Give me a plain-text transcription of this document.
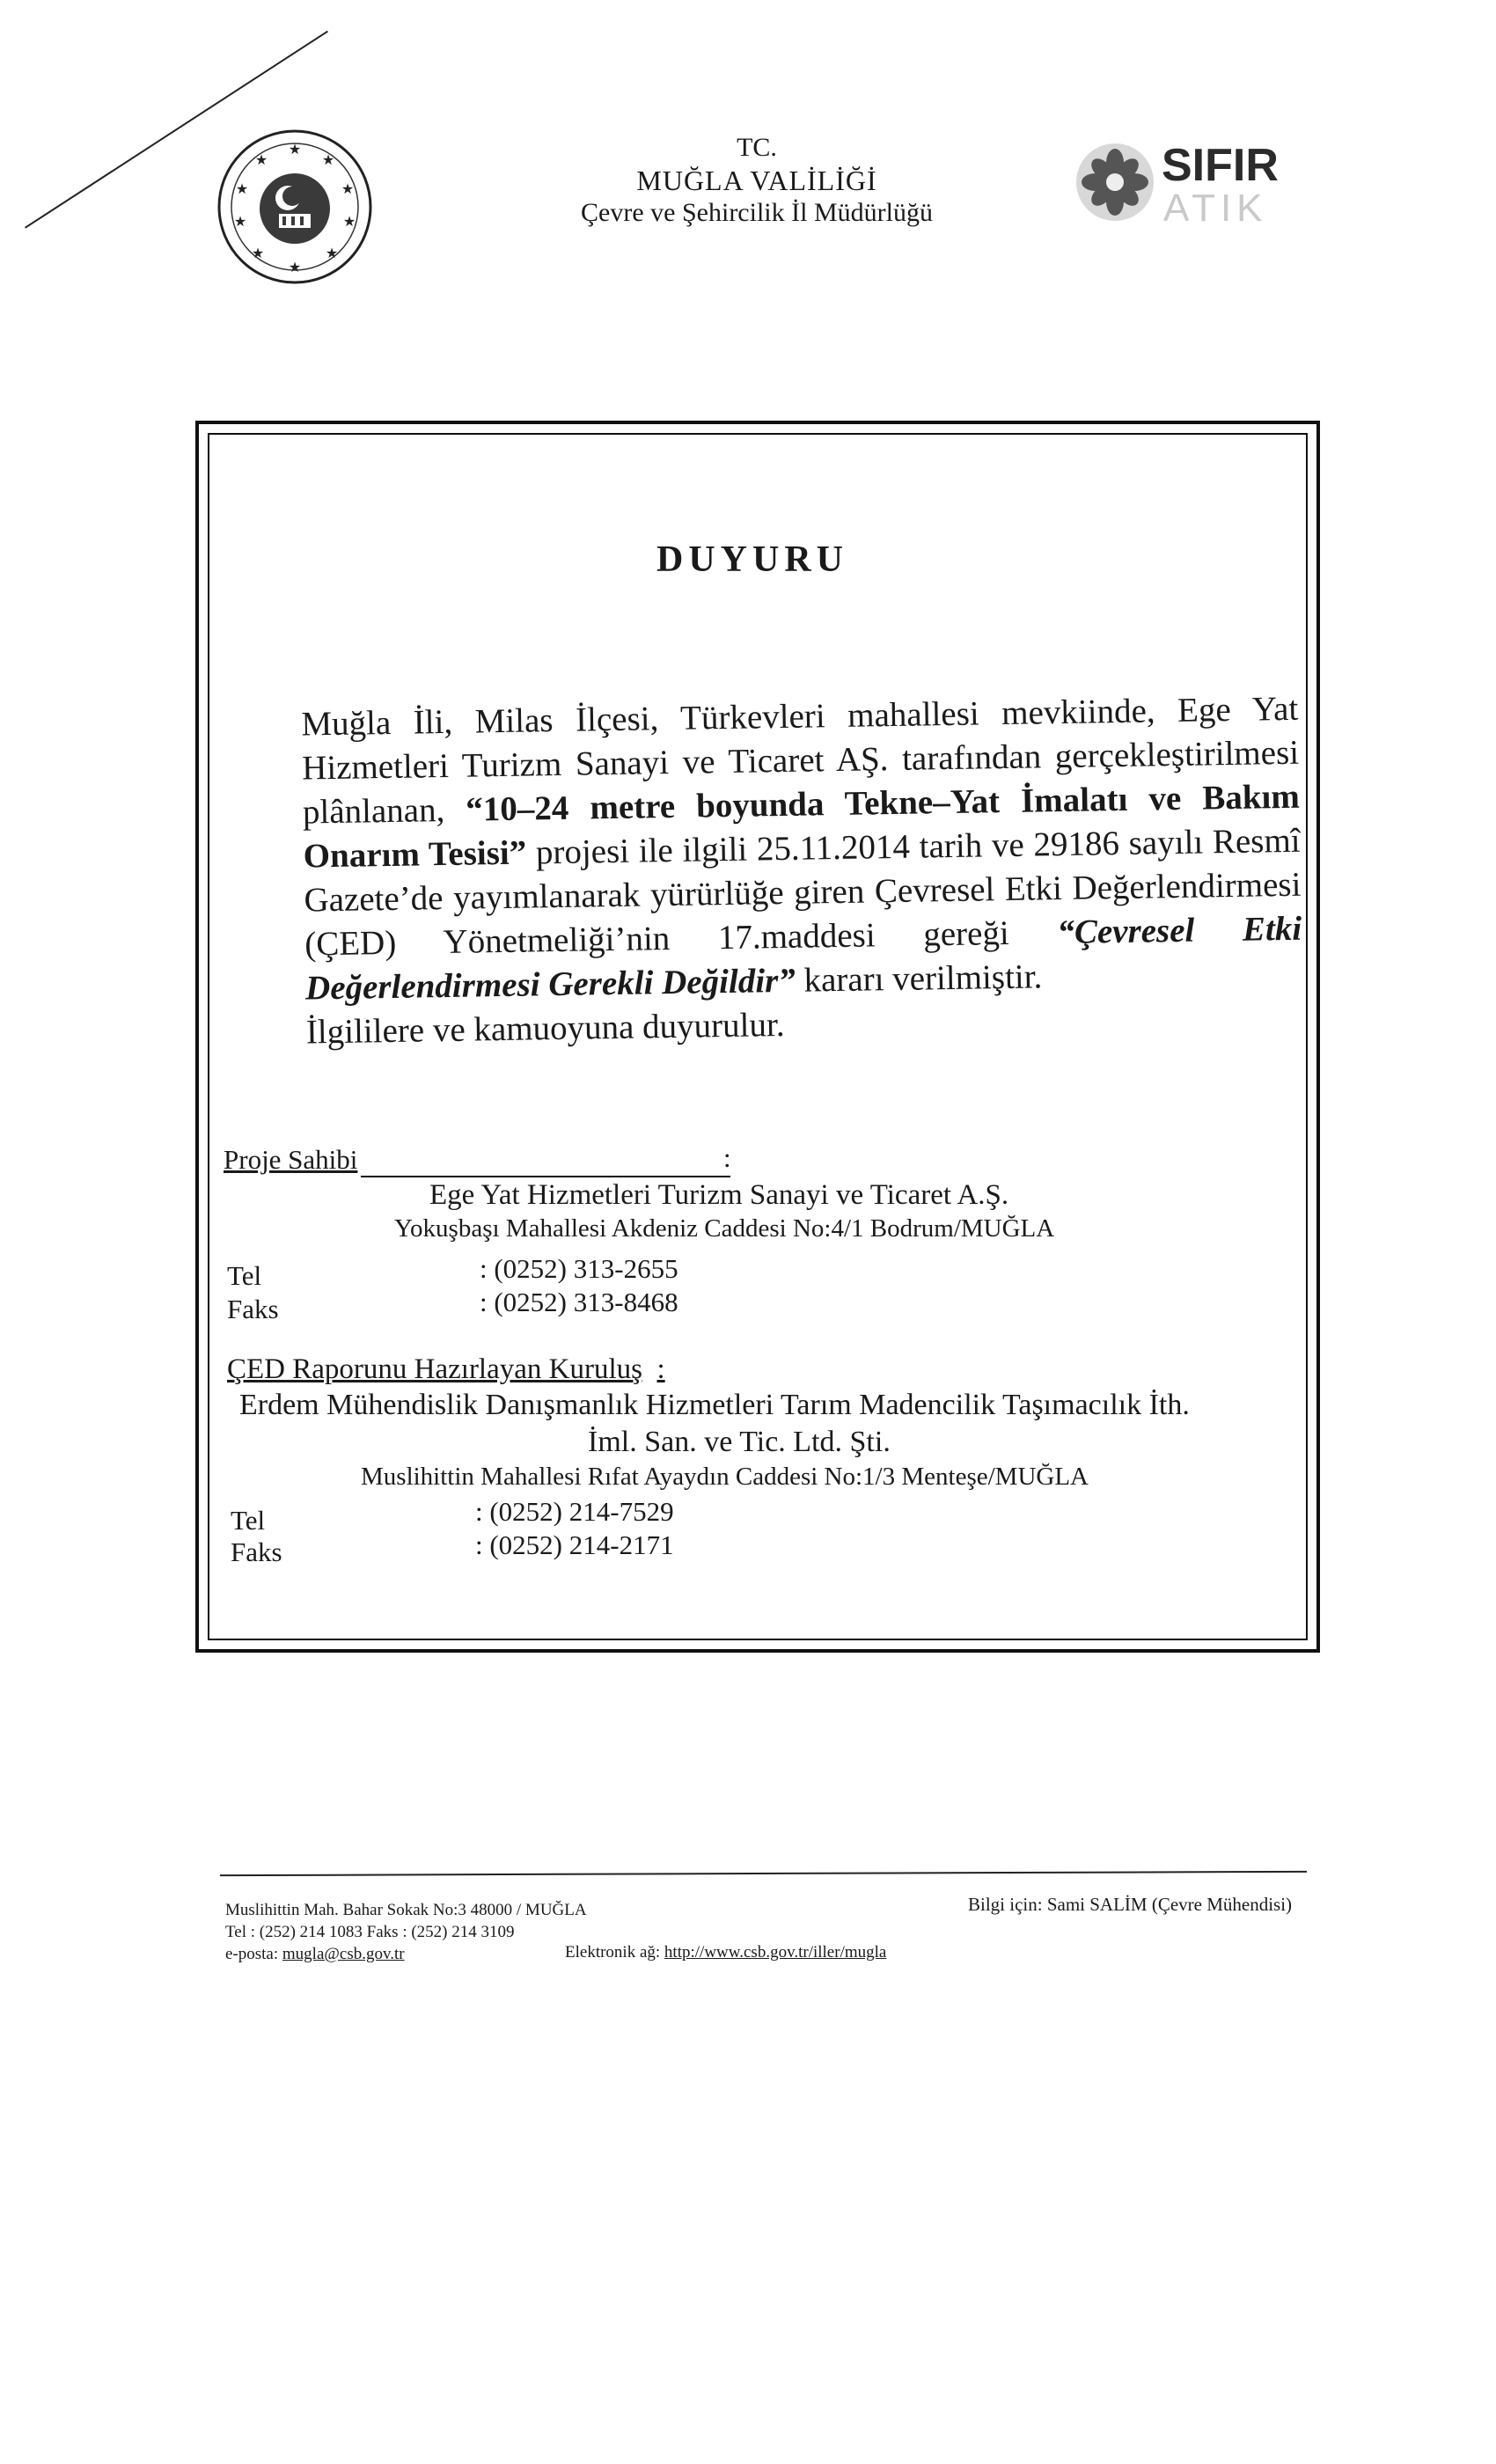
★
★
★
★
★
★
★
★
★
★	TC.
MUĞLA VALİLİĞİ
Çevre ve Şehircilik İl Müdürlüğü
SIFIR
ATIK
DUYURU

Muğla İli, Milas İlçesi, Türkevleri mahallesi mevkiinde, Ege Yat Hizmetleri Turizm Sanayi ve Ticaret AŞ. tarafından gerçekleştirilmesi plânlanan, “10–24 metre boyunda Tekne–Yat İmalatı ve Bakım Onarım Tesisi” projesi ile ilgili 25.11.2014 tarih ve 29186 sayılı Resmî Gazete’de yayımlanarak yürürlüğe giren Çevresel Etki Değerlendirmesi (ÇED) Yönetmeliği’nin 17.maddesi gereği “Çevresel Etki Değerlendirmesi Gerekli Değildir” kararı verilmiştir.

İlgililere ve kamuoyuna duyurulur.

Proje Sahibi	:
Ege Yat Hizmetleri Turizm Sanayi ve Ticaret A.Ş.
Yokuşbaşı Mahallesi Akdeniz Caddesi No:4/1 Bodrum/MUĞLA
Tel	: (0252) 313-2655
Faks	: (0252) 313-8468
ÇED Raporunu Hazırlayan Kuruluş :
Erdem Mühendislik Danışmanlık Hizmetleri Tarım Madencilik Taşımacılık İth.
İml. San. ve Tic. Ltd. Şti.
Muslihittin Mahallesi Rıfat Ayaydın Caddesi No:1/3 Menteşe/MUĞLA
Tel	: (0252) 214-7529
Faks	: (0252) 214-2171
Muslihittin Mah. Bahar Sokak No:3 48000 / MUĞLA
Tel : (252) 214 1083 Faks : (252) 214 3109
e-posta: mugla@csb.gov.tr	Elektronik ağ: http://www.csb.gov.tr/iller/mugla
Bilgi için: Sami SALİM (Çevre Mühendisi)
